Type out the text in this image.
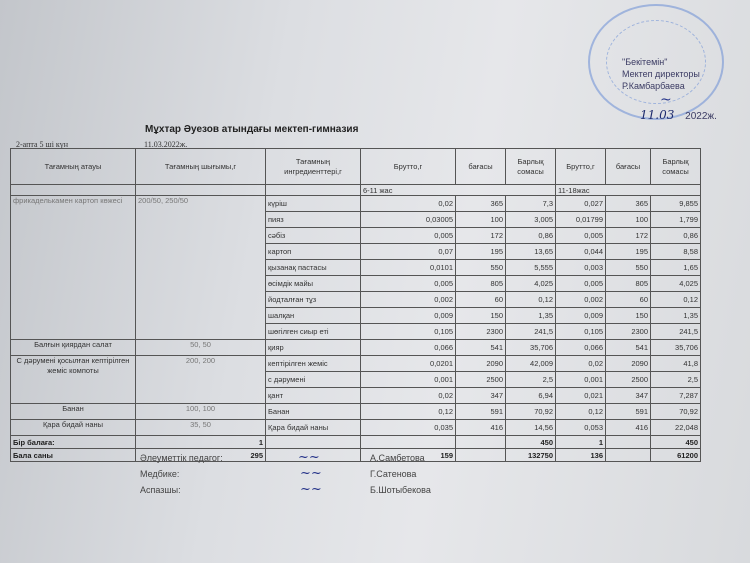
"Бекітемін"
Мектеп директоры
Р.Камбарбаева
11.03 2022ж.
~
Мұхтар Әуезов атындағы мектеп-гимназия
2-апта 5 ші күн	11.03.2022ж.
Тағамның атауы	Тағамның шығымы,г	Тағамның ингредиенттері,г	Брутто,г	бағасы	Барлық сомасы	Брутто,г	бағасы	Барлық сомасы
			6-11 жас			11-18жас		
фрикаделькамен картоп көжесі	200/50, 250/50	күріш	0,02	365	7,3	0,027	365	9,855
		пияз	0,03005	100	3,005	0,01799	100	1,799
		сәбіз	0,005	172	0,86	0,005	172	0,86
		картоп	0,07	195	13,65	0,044	195	8,58
		қызанақ пастасы	0,0101	550	5,555	0,003	550	1,65
		өсімдік майы	0,005	805	4,025	0,005	805	4,025
		йодталған тұз	0,002	60	0,12	0,002	60	0,12
		шалқан	0,009	150	1,35	0,009	150	1,35
		шөгілген сиыр еті	0,105	2300	241,5	0,105	2300	241,5
Балғын қиярдан салат	50, 50	қияр	0,066	541	35,706	0,066	541	35,706
С дәрумені қосылған кептірілген жеміс компоты	200, 200	кептірілген жеміс	0,0201	2090	42,009	0,02	2090	41,8
		с дәрумені	0,001	2500	2,5	0,001	2500	2,5
		қант	0,02	347	6,94	0,021	347	7,287
Банан	100, 100	Банан	0,12	591	70,92	0,12	591	70,92
Қара бидай наны	35, 50	Қара бидай наны	0,035	416	14,56	0,053	416	22,048
Бір балаға:	1				450	1		450
Бала саны	295		159		132750	136		61200
Әлеуметтік педагог:	А.Самбетова
Медбике:	Г.Сатенова
Аспазшы:	Б.Шотыбекова
~~
~~
~~
